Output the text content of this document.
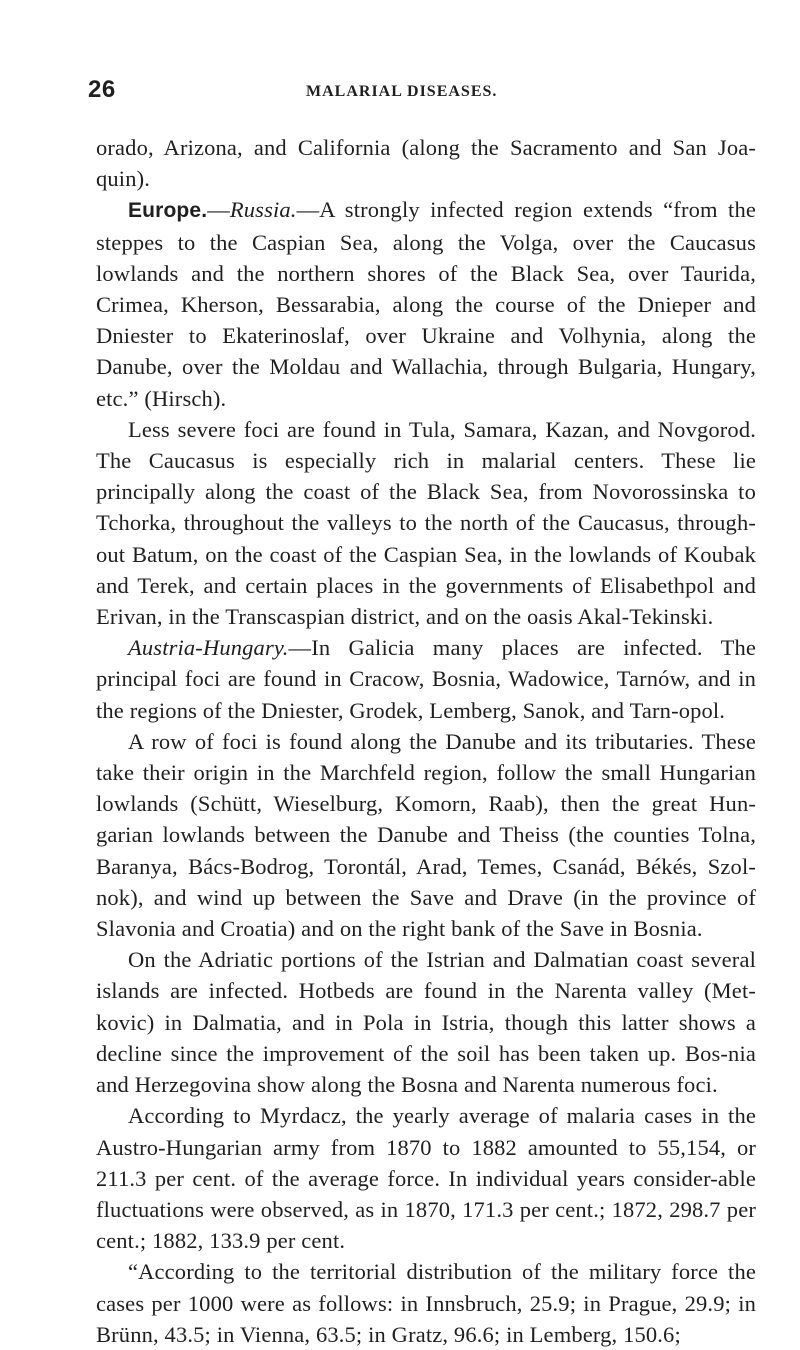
26	MALARIAL DISEASES.

orado, Arizona, and California (along the Sacramento and San Joa-quin).

Europe.—Russia.—A strongly infected region extends “from the steppes to the Caspian Sea, along the Volga, over the Caucasus lowlands and the northern shores of the Black Sea, over Taurida, Crimea, Kherson, Bessarabia, along the course of the Dnieper and Dniester to Ekaterinoslaf, over Ukraine and Volhynia, along the Danube, over the Moldau and Wallachia, through Bulgaria, Hungary, etc.” (Hirsch).

Less severe foci are found in Tula, Samara, Kazan, and Novgorod. The Caucasus is especially rich in malarial centers. These lie principally along the coast of the Black Sea, from Novorossinska to Tchorka, throughout the valleys to the north of the Caucasus, through-out Batum, on the coast of the Caspian Sea, in the lowlands of Koubak and Terek, and certain places in the governments of Elisabethpol and Erivan, in the Transcaspian district, and on the oasis Akal-Tekinski.

Austria-Hungary.—In Galicia many places are infected. The principal foci are found in Cracow, Bosnia, Wadowice, Tarnów, and in the regions of the Dniester, Grodek, Lemberg, Sanok, and Tarn-opol.

A row of foci is found along the Danube and its tributaries. These take their origin in the Marchfeld region, follow the small Hungarian lowlands (Schütt, Wieselburg, Komorn, Raab), then the great Hun-garian lowlands between the Danube and Theiss (the counties Tolna, Baranya, Bács-Bodrog, Torontál, Arad, Temes, Csanád, Békés, Szol-nok), and wind up between the Save and Drave (in the province of Slavonia and Croatia) and on the right bank of the Save in Bosnia.

On the Adriatic portions of the Istrian and Dalmatian coast several islands are infected. Hotbeds are found in the Narenta valley (Met-kovic) in Dalmatia, and in Pola in Istria, though this latter shows a decline since the improvement of the soil has been taken up. Bos-nia and Herzegovina show along the Bosna and Narenta numerous foci.

According to Myrdacz, the yearly average of malaria cases in the Austro-Hungarian army from 1870 to 1882 amounted to 55,154, or 211.3 per cent. of the average force. In individual years consider-able fluctuations were observed, as in 1870, 171.3 per cent.; 1872, 298.7 per cent.; 1882, 133.9 per cent.

“According to the territorial distribution of the military force the cases per 1000 were as follows: in Innsbruch, 25.9; in Prague, 29.9; in Brünn, 43.5; in Vienna, 63.5; in Gratz, 96.6; in Lemberg, 150.6;
